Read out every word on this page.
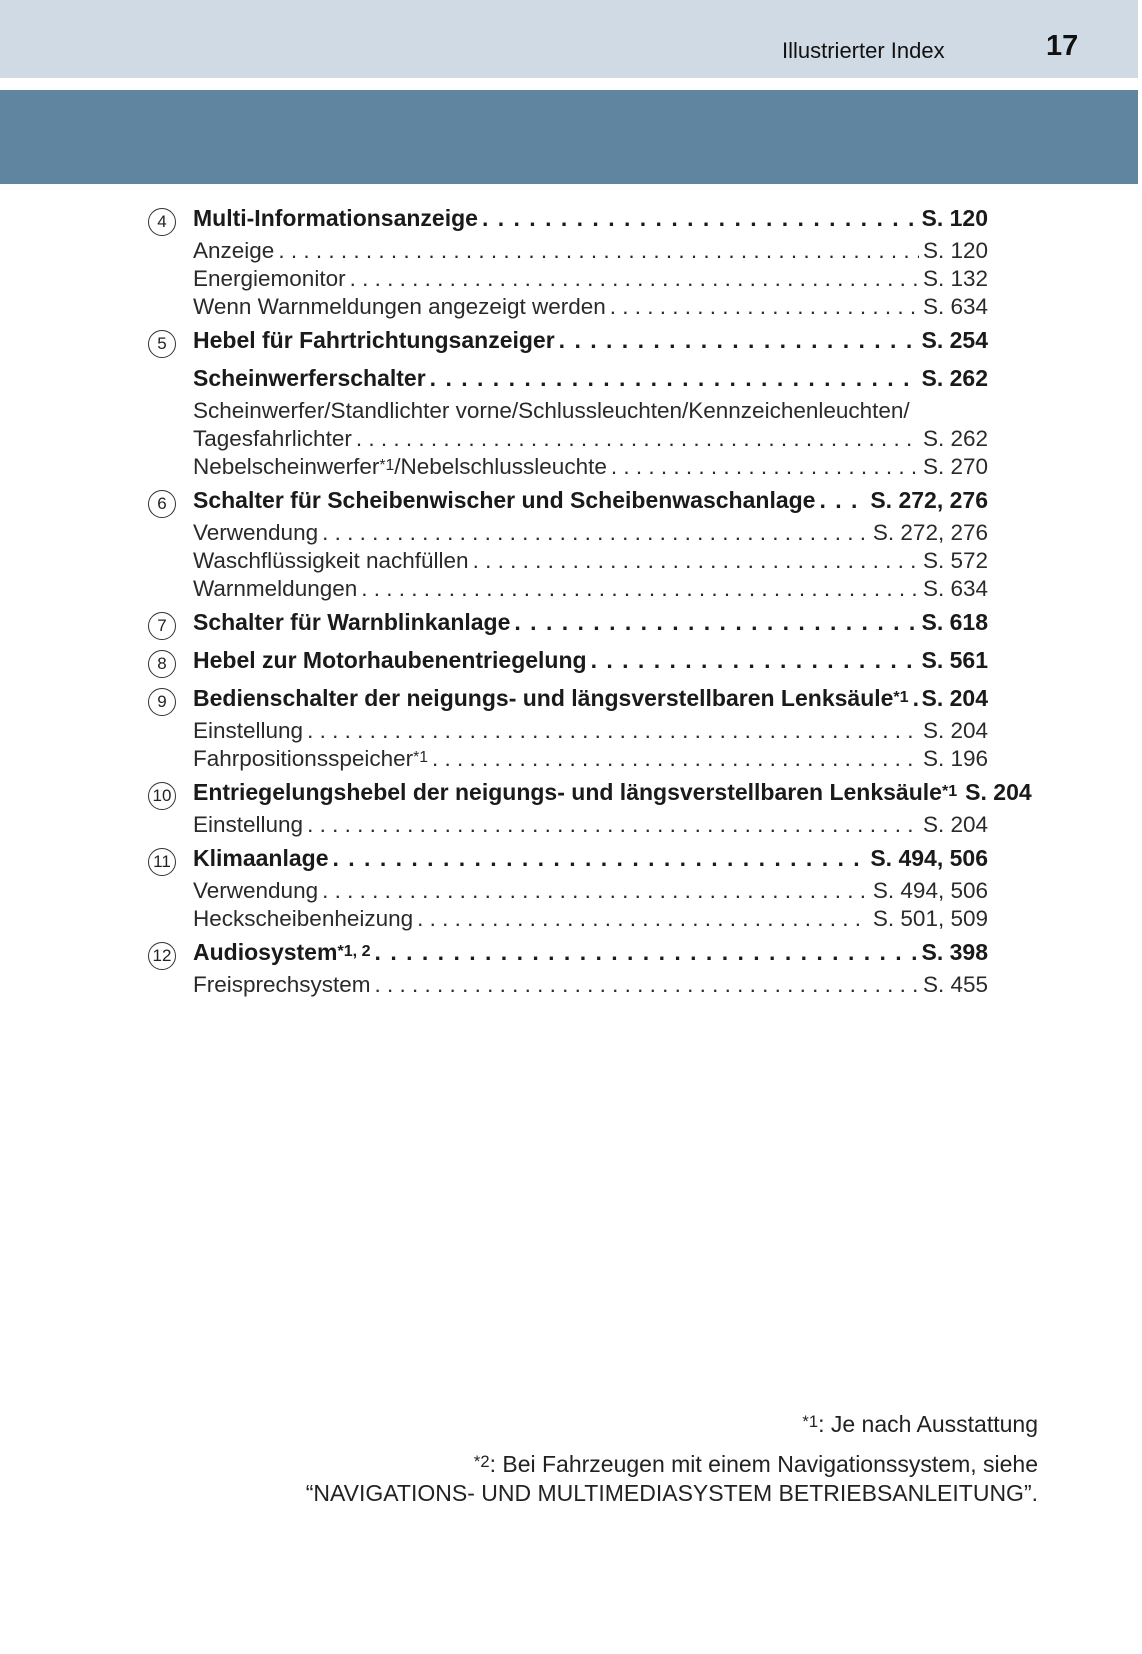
Illustrierter Index	17
4	Multi-Informationsanzeige . . .	S. 120
Anzeige . . .	S. 120
Energiemonitor . . .	S. 132
Wenn Warnmeldungen angezeigt werden . . .	S. 634
5	Hebel für Fahrtrichtungsanzeiger . . .	S. 254
Scheinwerferschalter . . .	S. 262
Scheinwerfer/Standlichter vorne/Schlussleuchten/Kennzeichenleuchten/
Tagesfahrlichter . . .	S. 262
Nebelscheinwerfer$^{*1}$/Nebelschlussleuchte . . .	S. 270
6	Schalter für Scheibenwischer und Scheibenwaschanlage . . . S. 272, 276
Verwendung . . .	S. 272, 276
Waschflüssigkeit nachfüllen . . .	S. 572
Warnmeldungen . . .	S. 634
7	Schalter für Warnblinkanlage . . .	S. 618
8	Hebel zur Motorhaubenentriegelung . . .	S. 561
9	Bedienschalter der neigungs- und längsverstellbaren Lenksäule$^{*1}$ . . . S. 204
Einstellung . . .	S. 204
Fahrpositionsspeicher$^{*1}$ . . .	S. 196
10 Entriegelungshebel der neigungs- und längsverstellbaren Lenksäule$^{*1}$ S. 204
Einstellung . . .	S. 204
11 Klimaanlage . . .	S. 494, 506
Verwendung . . .	S. 494, 506
Heckscheibenheizung . . .	S. 501, 509
12 Audiosystem$^{*1, 2}$ . . .	S. 398
Freisprechsystem . . .	S. 455
$^{*1}$: Je nach Ausstattung
$^{*2}$: Bei Fahrzeugen mit einem Navigationssystem, siehe
“NAVIGATIONS- UND MULTIMEDIASYSTEM BETRIEBSANLEITUNG”.
